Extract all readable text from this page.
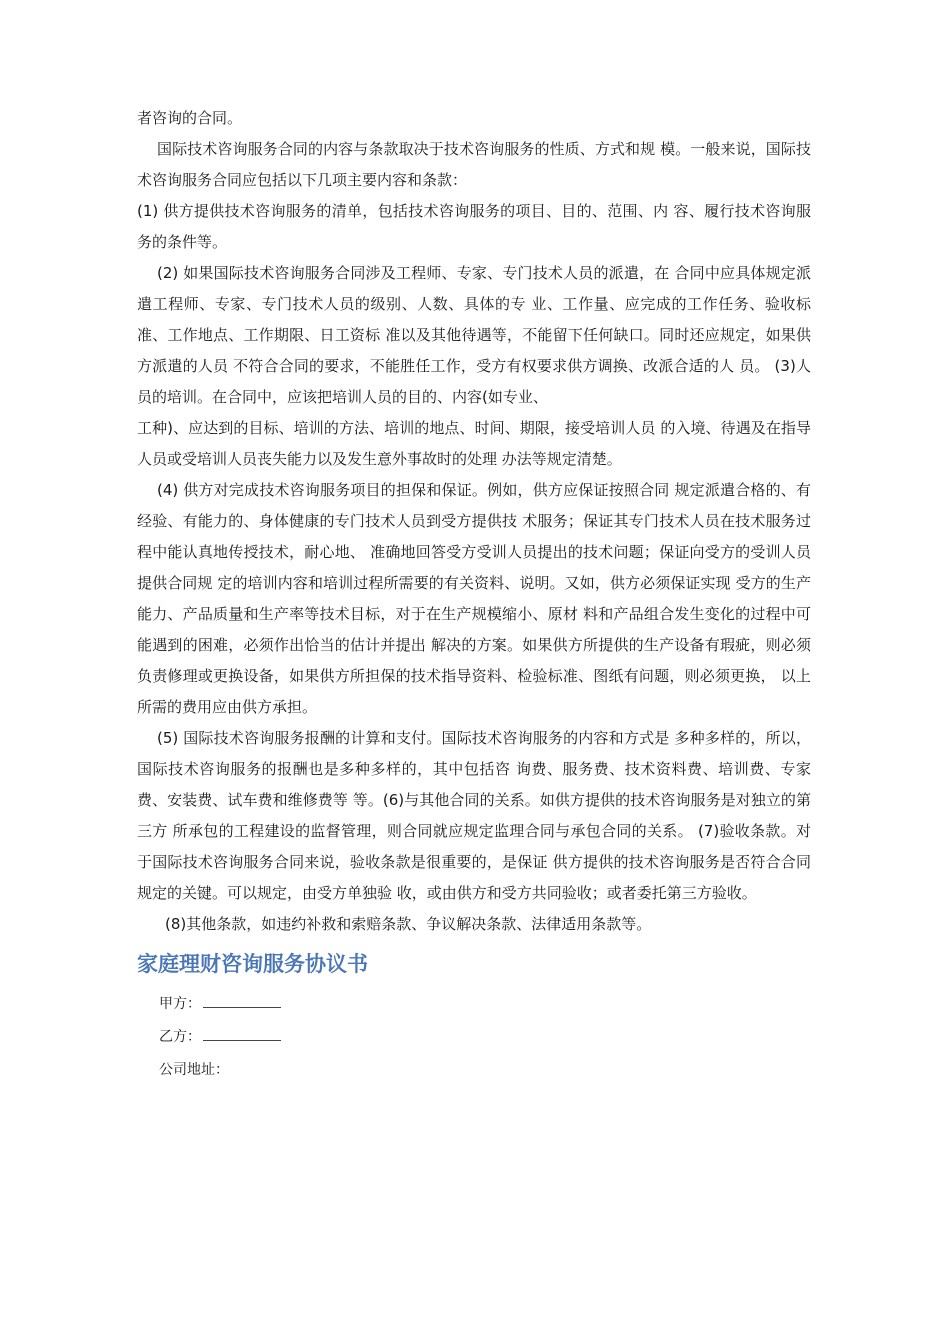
者咨询的合同。

国际技术咨询服务合同的内容与条款取决于技术咨询服务的性质、方式和规 模。一般来说，国际技术咨询服务合同应包括以下几项主要内容和条款：

(1) 供方提供技术咨询服务的清单，包括技术咨询服务的项目、目的、范围、内 容、履行技术咨询服务的条件等。

(2) 如果国际技术咨询服务合同涉及工程师、专家、专门技术人员的派遣，在 合同中应具体规定派遣工程师、专家、专门技术人员的级别、人数、具体的专 业、工作量、应完成的工作任务、验收标准、工作地点、工作期限、日工资标 准以及其他待遇等，不能留下任何缺口。同时还应规定，如果供方派遣的人员 不符合合同的要求，不能胜任工作，受方有权要求供方调换、改派合适的人 员。 (3)人员的培训。在合同中，应该把培训人员的目的、内容(如专业、

工种)、应达到的目标、培训的方法、培训的地点、时间、期限，接受培训人员 的入境、待遇及在指导人员或受培训人员丧失能力以及发生意外事故时的处理 办法等规定清楚。

(4) 供方对完成技术咨询服务项目的担保和保证。例如，供方应保证按照合同 规定派遣合格的、有经验、有能力的、身体健康的专门技术人员到受方提供技 术服务；保证其专门技术人员在技术服务过程中能认真地传授技术，耐心地、 准确地回答受方受训人员提出的技术问题；保证向受方的受训人员提供合同规 定的培训内容和培训过程所需要的有关资料、说明。又如，供方必须保证实现 受方的生产能力、产品质量和生产率等技术目标，对于在生产规模缩小、原材 料和产品组合发生变化的过程中可能遇到的困难，必须作出恰当的估计并提出 解决的方案。如果供方所提供的生产设备有瑕疵，则必须负责修理或更换设备，如果供方所担保的技术指导资料、检验标准、图纸有问题，则必须更换， 以上所需的费用应由供方承担。

(5) 国际技术咨询服务报酬的计算和支付。国际技术咨询服务的内容和方式是 多种多样的，所以，国际技术咨询服务的报酬也是多种多样的，其中包括咨 询费、服务费、技术资料费、培训费、专家费、安装费、试车费和维修费等 等。(6)与其他合同的关系。如供方提供的技术咨询服务是对独立的第三方 所承包的工程建设的监督管理，则合同就应规定监理合同与承包合同的关系。 (7)验收条款。对于国际技术咨询服务合同来说，验收条款是很重要的，是保证 供方提供的技术咨询服务是否符合合同规定的关键。可以规定，由受方单独验 收，或由供方和受方共同验收；或者委托第三方验收。

(8)其他条款，如违约补救和索赔条款、争议解决条款、法律适用条款等。

家庭理财咨询服务协议书
甲方：
乙方：
公司地址：
